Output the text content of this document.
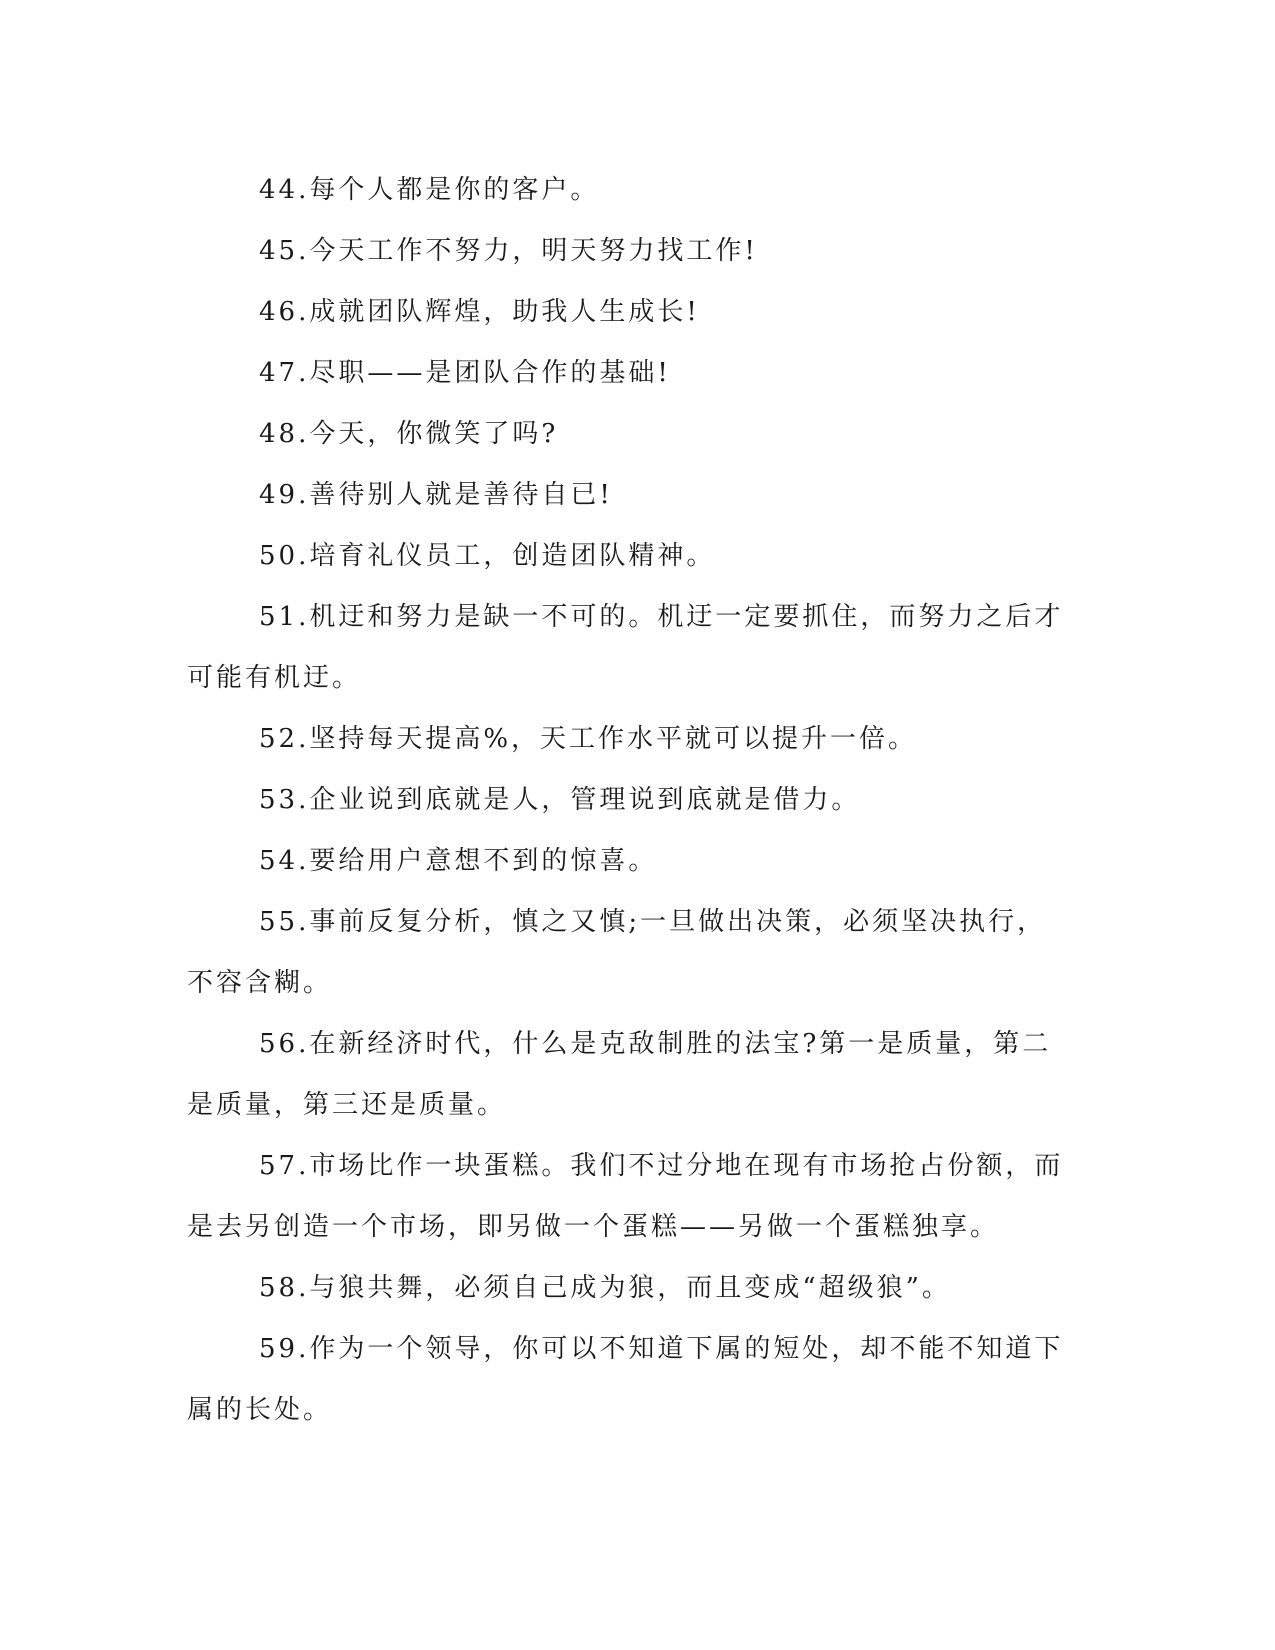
44.每个人都是你的客户。

45.今天工作不努力，明天努力找工作!

46.成就团队辉煌，助我人生成长!

47.尽职——是团队合作的基础!

48.今天，你微笑了吗?

49.善待别人就是善待自已!

50.培育礼仪员工，创造团队精神。

51.机迂和努力是缺一不可的。机迂一定要抓住，而努力之后才可能有机迂。

52.坚持每天提高%，天工作水平就可以提升一倍。

53.企业说到底就是人，管理说到底就是借力。

54.要给用户意想不到的惊喜。

55.事前反复分析，慎之又慎;一旦做出决策，必须坚决执行，不容含糊。

56.在新经济时代，什么是克敌制胜的法宝?第一是质量，第二是质量，第三还是质量。

57.市场比作一块蛋糕。我们不过分地在现有市场抢占份额，而是去另创造一个市场，即另做一个蛋糕——另做一个蛋糕独享。

58.与狼共舞，必须自己成为狼，而且变成“超级狼”。

59.作为一个领导，你可以不知道下属的短处，却不能不知道下属的长处。
